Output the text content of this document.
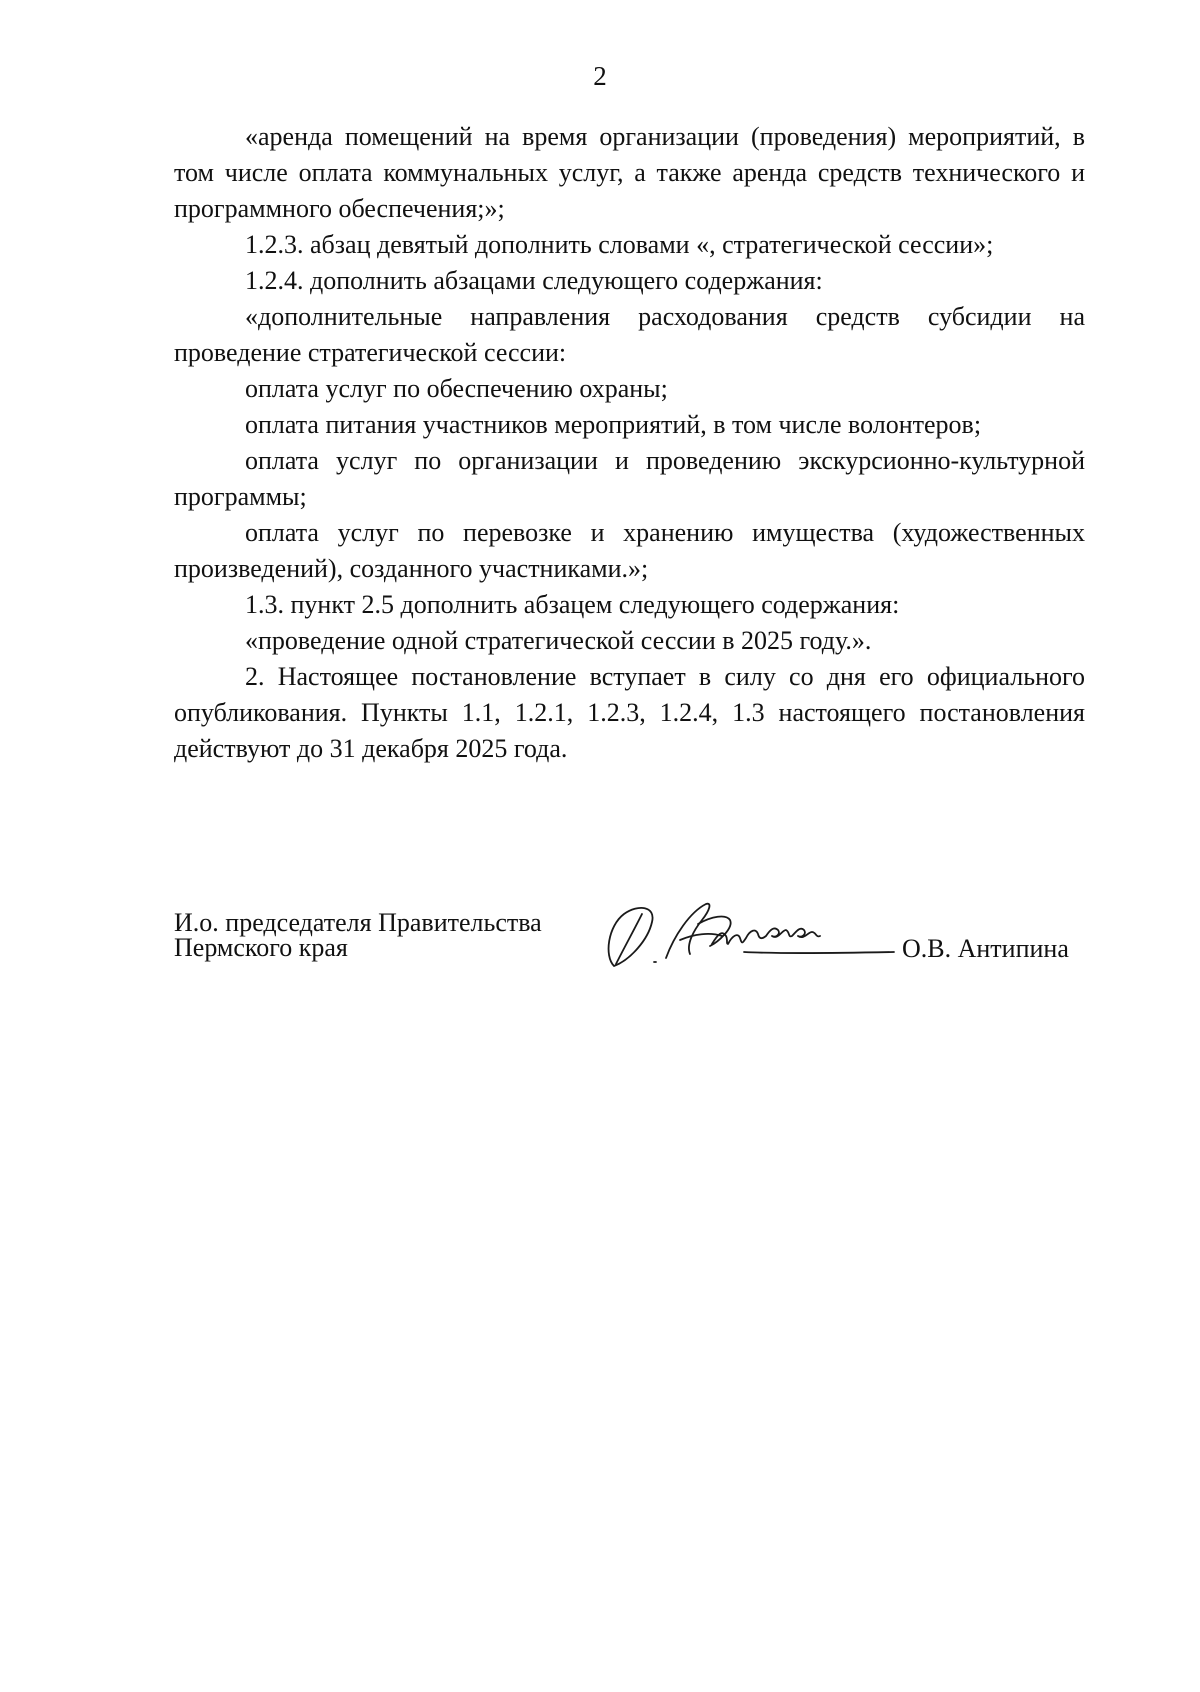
2

«аренда помещений на время организации (проведения) мероприятий, в том числе оплата коммунальных услуг, а также аренда средств технического и программного обеспечения;»;

1.2.3. абзац девятый дополнить словами «, стратегической сессии»;

1.2.4. дополнить абзацами следующего содержания:

«дополнительные направления расходования средств субсидии на проведение стратегической сессии:

оплата услуг по обеспечению охраны;

оплата питания участников мероприятий, в том числе волонтеров;

оплата услуг по организации и проведению экскурсионно-культурной программы;

оплата услуг по перевозке и хранению имущества (художественных произведений), созданного участниками.»;

1.3. пункт 2.5 дополнить абзацем следующего содержания:

«проведение одной стратегической сессии в 2025 году.».

2. Настоящее постановление вступает в силу со дня его официального опубликования. Пункты 1.1, 1.2.1, 1.2.3, 1.2.4, 1.3 настоящего постановления действуют до 31 декабря 2025 года.

И.о. председателя Правительства
Пермского края	О.В. Антипина
